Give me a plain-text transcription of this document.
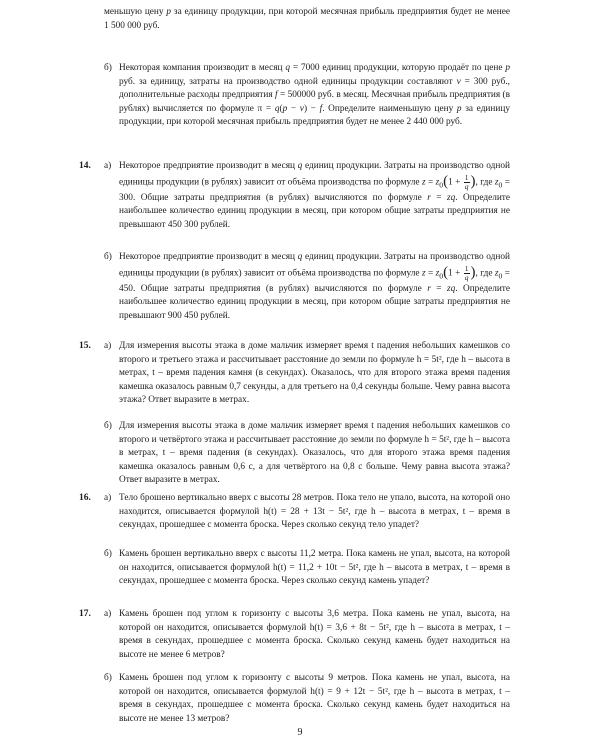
меньшую цену p за единицу продукции, при которой месячная прибыль предприятия будет не менее 1 500 000 руб.

б) Некоторая компания производит в месяц q = 7000 единиц продукции, которую продаёт по цене p руб. за единицу, затраты на производство одной единицы продукции составляют v = 300 руб., дополнительные расходы предприятия f = 500000 руб. в месяц. Месячная прибыль предприятия (в рублях) вычисляется по формуле π = q(p − v) − f. Определите наименьшую цену p за единицу продукции, при которой месячная прибыль предприятия будет не менее 2 440 000 руб.

14. а) Некоторое предприятие производит в месяц q единиц продукции. Затраты на производство одной единицы продукции (в рублях) зависит от объёма производства по формуле $z = z_0(1 + \frac{1}{q})$, где $z_0 = 300$. Общие затраты предприятия (в рублях) вычисляются по формуле r = zq. Определите наибольшее количество единиц продукции в месяц, при котором общие затраты предприятия не превышают 450 300 рублей.

б) Некоторое предприятие производит в месяц q единиц продукции. Затраты на производство одной единицы продукции (в рублях) зависит от объёма производства по формуле $z = z_0(1 + \frac{1}{q})$, где $z_0 = 450$. Общие затраты предприятия (в рублях) вычисляются по формуле r = zq. Определите наибольшее количество единиц продукции в месяц, при котором общие затраты предприятия не превышают 900 450 рублей.

15. а) Для измерения высоты этажа в доме мальчик измеряет время t падения небольших камешков со второго и третьего этажа и рассчитывает расстояние до земли по формуле h = 5t², где h – высота в метрах, t – время падения камня (в секундах). Оказалось, что для второго этажа время падения камешка оказалось равным 0,7 секунды, а для третьего на 0,4 секунды больше. Чему равна высота этажа? Ответ выразите в метрах.

б) Для измерения высоты этажа в доме мальчик измеряет время t падения небольших камешков со второго и четвёртого этажа и рассчитывает расстояние до земли по формуле h = 5t², где h – высота в метрах, t – время падения (в секундах). Оказалось, что для второго этажа время падения камешка оказалось равным 0,6 с, а для четвёртого на 0,8 с больше. Чему равна высота этажа? Ответ выразите в метрах.

16. а) Тело брошено вертикально вверх с высоты 28 метров. Пока тело не упало, высота, на которой оно находится, описывается формулой h(t) = 28 + 13t − 5t², где h – высота в метрах, t – время в секундах, прошедшее с момента броска. Через сколько секунд тело упадет?

б) Камень брошен вертикально вверх с высоты 11,2 метра. Пока камень не упал, высота, на которой он находится, описывается формулой h(t) = 11,2 + 10t − 5t², где h – высота в метрах, t – время в секундах, прошедшее с момента броска. Через сколько секунд камень упадет?

17. а) Камень брошен под углом к горизонту с высоты 3,6 метра. Пока камень не упал, высота, на которой он находится, описывается формулой h(t) = 3,6 + 8t − 5t², где h – высота в метрах, t – время в секундах, прошедшее с момента броска. Сколько секунд камень будет находиться на высоте не менее 6 метров?

б) Камень брошен под углом к горизонту с высоты 9 метров. Пока камень не упал, высота, на которой он находится, описывается формулой h(t) = 9 + 12t − 5t², где h – высота в метрах, t – время в секундах, прошедшее с момента броска. Сколько секунд камень будет находиться на высоте не менее 13 метров?

9
